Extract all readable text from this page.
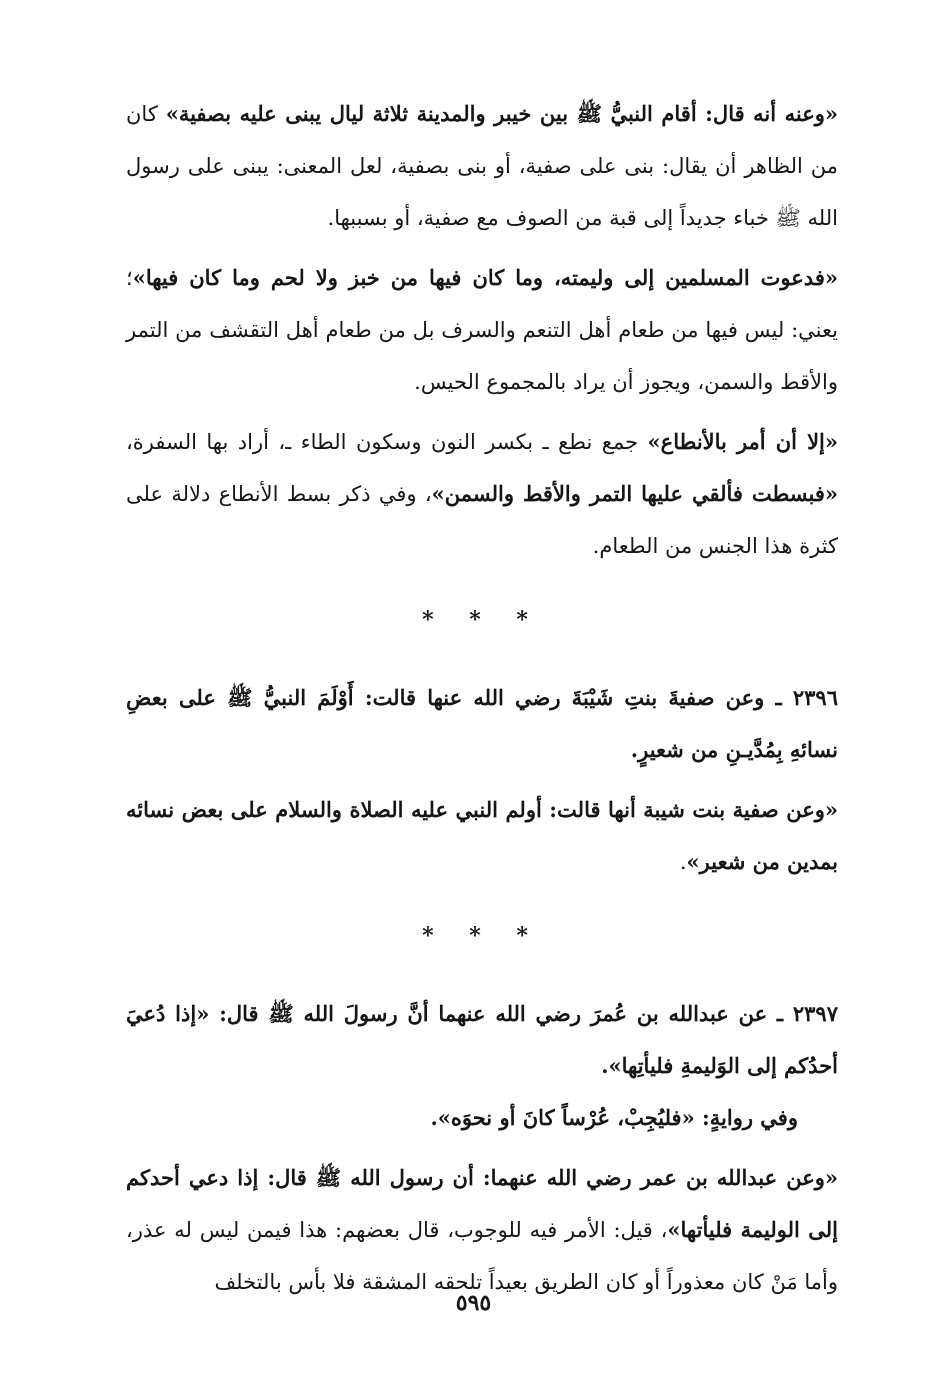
«وعنه أنه قال: أقام النبيُّ ﷺ بين خيبر والمدينة ثلاثة ليال يبنى عليه بصفية» كان من الظاهر أن يقال: بنى على صفية، أو بنى بصفية، لعل المعنى: يبنى على رسول الله ﷺ خباء جديداً إلى قبة من الصوف مع صفية، أو بسببها.

«فدعوت المسلمين إلى وليمته، وما كان فيها من خبز ولا لحم وما كان فيها»؛ يعني: ليس فيها من طعام أهل التنعم والسرف بل من طعام أهل التقشف من التمر والأقط والسمن، ويجوز أن يراد بالمجموع الحيس.

«إلا أن أمر بالأنطاع» جمع نطع ـ بكسر النون وسكون الطاء ـ، أراد بها السفرة، «فبسطت فألقي عليها التمر والأقط والسمن»، وفي ذكر بسط الأنطاع دلالة على كثرة هذا الجنس من الطعام.

* * *

٢٣٩٦ ـ وعن صفيةَ بنتِ شَيْبَةَ رضي الله عنها قالت: أَوْلَمَ النبيُّ ﷺ على بعضِ نسائهِ بِمُدَّيـنِ من شعيرٍ.

«وعن صفية بنت شيبة أنها قالت: أولم النبي عليه الصلاة والسلام على بعض نسائه بمدين من شعير».

* * *

٢٣٩٧ ـ عن عبدالله بن عُمرَ رضي الله عنهما أنَّ رسولَ الله ﷺ قال: «إذا دُعيَ أحدُكم إلى الوَليمةِ فليأتِها».

وفي روايةٍ: «فليُجِبْ، عُرْساً كانَ أو نحوَه».

«وعن عبدالله بن عمر رضي الله عنهما: أن رسول الله ﷺ قال: إذا دعي أحدكم إلى الوليمة فليأتها»، قيل: الأمر فيه للوجوب، قال بعضهم: هذا فيمن ليس له عذر، وأما مَنْ كان معذوراً أو كان الطريق بعيداً تلحقه المشقة فلا بأس بالتخلف

٥٩٥
